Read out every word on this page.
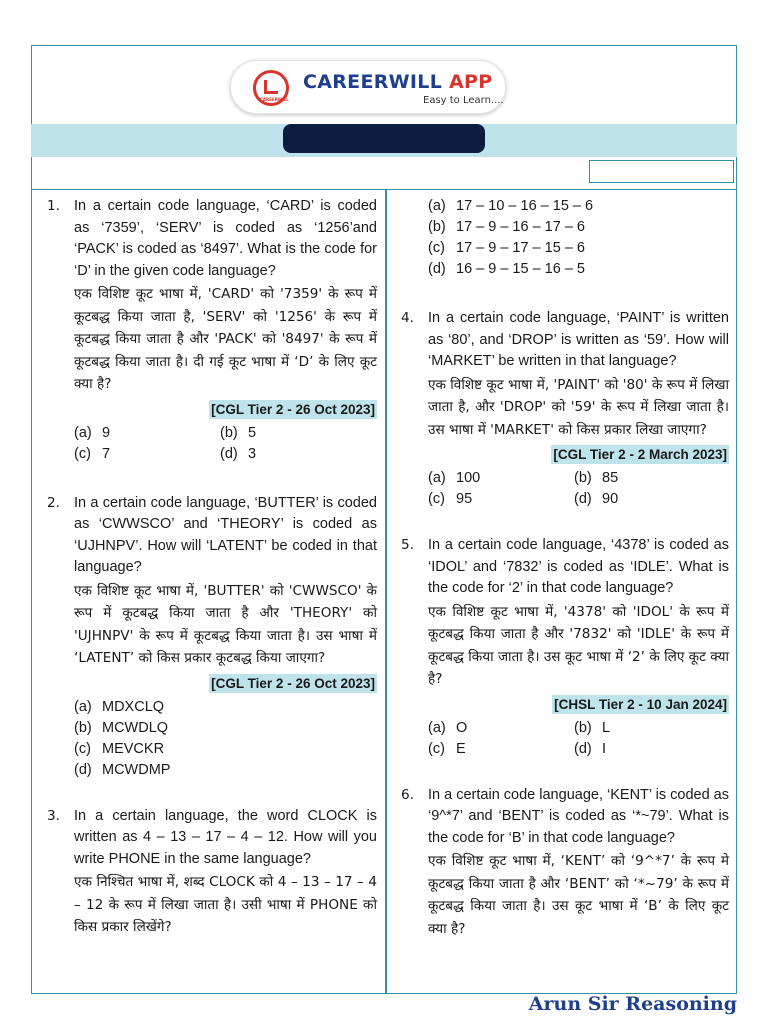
CAREERWILL
CAREERWILL APP
Easy to Learn....
1. In a certain code language, ‘CARD’ is coded as ‘7359’, ‘SERV’ is coded as ‘1256’and ‘PACK’ is coded as ‘8497’. What is the code for ‘D’ in the given code language?
एक विशिष्ट कूट भाषा में, 'CARD' को '7359' के रूप में कूटबद्ध किया जाता है, 'SERV' को '1256' के रूप में कूटबद्ध किया जाता है और 'PACK' को '8497' के रूप में कूटबद्ध किया जाता है। दी गई कूट भाषा में ‘D’ के लिए कूट क्या है?
[CGL Tier 2 - 26 Oct 2023]
(a) 9	(b) 5
(c) 7	(d) 3
2. In a certain code language, ‘BUTTER’ is coded as ‘CWWSCO’ and ‘THEORY’ is coded as ‘UJHNPV’. How will ‘LATENT’ be coded in that language?
एक विशिष्ट कूट भाषा में, 'BUTTER' को 'CWWSCO' के रूप में कूटबद्ध किया जाता है और 'THEORY' को 'UJHNPV' के रूप में कूटबद्ध किया जाता है। उस भाषा में ‘LATENT’ को किस प्रकार कूटबद्ध किया जाएगा?
[CGL Tier 2 - 26 Oct 2023]
(a) MDXCLQ
(b) MCWDLQ
(c) MEVCKR
(d) MCWDMP
3. In a certain language, the word CLOCK is written as 4 – 13 – 17 – 4 – 12. How will you write PHONE in the same language?
एक निश्चित भाषा में, शब्द CLOCK को 4 – 13 – 17 – 4 – 12 के रूप में लिखा जाता है। उसी भाषा में PHONE को किस प्रकार लिखेंगे?
(a) 17 – 10 – 16 – 15 – 6
(b) 17 – 9 – 16 – 17 – 6
(c) 17 – 9 – 17 – 15 – 6
(d) 16 – 9 – 15 – 16 – 5
4. In a certain code language, ‘PAINT’ is written as ‘80’, and ‘DROP’ is written as ‘59’. How will ‘MARKET’ be written in that language?
एक विशिष्ट कूट भाषा में, 'PAINT' को '80' के रूप में लिखा जाता है, और 'DROP' को '59' के रूप में लिखा जाता है। उस भाषा में 'MARKET' को किस प्रकार लिखा जाएगा?
[CGL Tier 2 - 2 March 2023]
(a) 100	(b) 85
(c) 95	(d) 90
5. In a certain code language, ‘4378’ is coded as ‘IDOL’ and ‘7832’ is coded as ‘IDLE’. What is the code for ‘2’ in that code language?
एक विशिष्ट कूट भाषा में, '4378' को 'IDOL' के रूप में कूटबद्ध किया जाता है और '7832' को 'IDLE' के रूप में कूटबद्ध किया जाता है। उस कूट भाषा में ‘2’ के लिए कूट क्या है?
[CHSL Tier 2 - 10 Jan 2024]
(a) O	(b) L
(c) E	(d) I
6. In a certain code language, ‘KENT’ is coded as ‘9^*7’ and ‘BENT’ is coded as ‘*~79’. What is the code for ‘B’ in that code language?
एक विशिष्ट कूट भाषा में, ‘KENT’ को ‘9^*7’ के रूप मे कूटबद्ध किया जाता है और ‘BENT’ को ‘*~79’ के रूप में कूटबद्ध किया जाता है। उस कूट भाषा में ‘B’ के लिए कूट क्या है?
Arun Sir Reasoning
